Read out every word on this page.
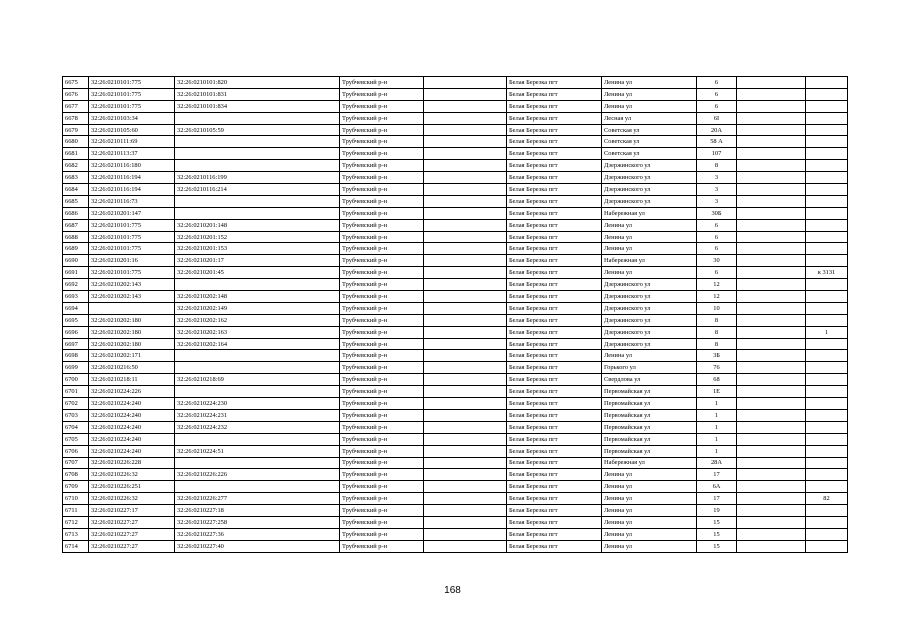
6675	32:26:0210101:775	32:26:0210101:820	Трубчевский р-н		Белая Березка пгт	Ленина ул	6		
6676	32:26:0210101:775	32:26:0210101:831	Трубчевский р-н		Белая Березка пгт	Ленина ул	6		
6677	32:26:0210101:775	32:26:0210101:834	Трубчевский р-н		Белая Березка пгт	Ленина ул	6		
6678	32:26:0210103:34		Трубчевский р-н		Белая Березка пгт	Лесная ул	6І		
6679	32:26:0210105:60	32:26:0210105:59	Трубчевский р-н		Белая Березка пгт	Советская ул	20А		
6680	32:26:0210111:69		Трубчевский р-н		Белая Березка пгт	Советская ул	58 А		
6681	32:26:0210113:37		Трубчевский р-н		Белая Березка пгт	Советская ул	107		
6682	32:26:0210116:180		Трубчевский р-н		Белая Березка пгт	Дзержинского ул	8		
6683	32:26:0210116:194	32:26:0210116:199	Трубчевский р-н		Белая Березка пгт	Дзержинского ул	3		
6684	32:26:0210116:194	32:26:0210116:214	Трубчевский р-н		Белая Березка пгт	Дзержинского ул	3		
6685	32:26:0210116:73		Трубчевский р-н		Белая Березка пгт	Дзержинского ул	3		
6686	32:26:0210201:147		Трубчевский р-н		Белая Березка пгт	Набережная ул	30Б		
6687	32:26:0210101:775	32:26:0210201:148	Трубчевский р-н		Белая Березка пгт	Ленина ул	6		
6688	32:26:0210101:775	32:26:0210201:152	Трубчевский р-н		Белая Березка пгт	Ленина ул	6		
6689	32:26:0210101:775	32:26:0210201:153	Трубчевский р-н		Белая Березка пгт	Ленина ул	6		
6690	32:26:0210201:16	32:26:0210201:17	Трубчевский р-н		Белая Березка пгт	Набережная ул	30		
6691	32:26:0210101:775	32:26:0210201:45	Трубчевский р-н		Белая Березка пгт	Ленина ул	6		к 3131
6692	32:26:0210202:143		Трубчевский р-н		Белая Березка пгт	Дзержинского ул	12		
6693	32:26:0210202:143	32:26:0210202:148	Трубчевский р-н		Белая Березка пгт	Дзержинского ул	12		
6694		32:26:0210202:149	Трубчевский р-н		Белая Березка пгт	Дзержинского ул	10		
6695	32:26:0210202:180	32:26:0210202:162	Трубчевский р-н		Белая Березка пгт	Дзержинского ул	8		
6696	32:26:0210202:180	32:26:0210202:163	Трубчевский р-н		Белая Березка пгт	Дзержинского ул	8		1
6697	32:26:0210202:180	32:26:0210202:164	Трубчевский р-н		Белая Березка пгт	Дзержинского ул	8		
6698	32:26:0210202:171		Трубчевский р-н		Белая Березка пгт	Ленина ул	3Б		
6699	32:26:0210216:50		Трубчевский р-н		Белая Березка пгт	Горького ул	76		
6700	32:26:0210218:11	32:26:0210218:69	Трубчевский р-н		Белая Березка пгт	Свердлова ул	68		
6701	32:26:0210224:226		Трубчевский р-н		Белая Березка пгт	Первомайская ул	1Е		
6702	32:26:0210224:240	32:26:0210224:230	Трубчевский р-н		Белая Березка пгт	Первомайская ул	1		
6703	32:26:0210224:240	32:26:0210224:231	Трубчевский р-н		Белая Березка пгт	Первомайская ул	1		
6704	32:26:0210224:240	32:26:0210224:232	Трубчевский р-н		Белая Березка пгт	Первомайская ул	1		
6705	32:26:0210224:240		Трубчевский р-н		Белая Березка пгт	Первомайская ул	1		
6706	32:26:0210224:240	32:26:0210224:51	Трубчевский р-н		Белая Березка пгт	Первомайская ул	1		
6707	32:26:0210226:228		Трубчевский р-н		Белая Березка пгт	Набережная ул	28А		
6708	32:26:0210226:32	32:26:0210226:226	Трубчевский р-н		Белая Березка пгт	Ленина ул	17		
6709	32:26:0210226:251		Трубчевский р-н		Белая Березка пгт	Ленина ул	6А		
6710	32:26:0210226:32	32:26:0210226:277	Трубчевский р-н		Белая Березка пгт	Ленина ул	17		82
6711	32:26:0210227:17	32:26:0210227:18	Трубчевский р-н		Белая Березка пгт	Ленина ул	19		
6712	32:26:0210227:27	32:26:0210227:258	Трубчевский р-н		Белая Березка пгт	Ленина ул	15		
6713	32:26:0210227:27	32:26:0210227:36	Трубчевский р-н		Белая Березка пгт	Ленина ул	15		
6714	32:26:0210227:27	32:26:0210227:40	Трубчевский р-н		Белая Березка пгт	Ленина ул	15		
168
